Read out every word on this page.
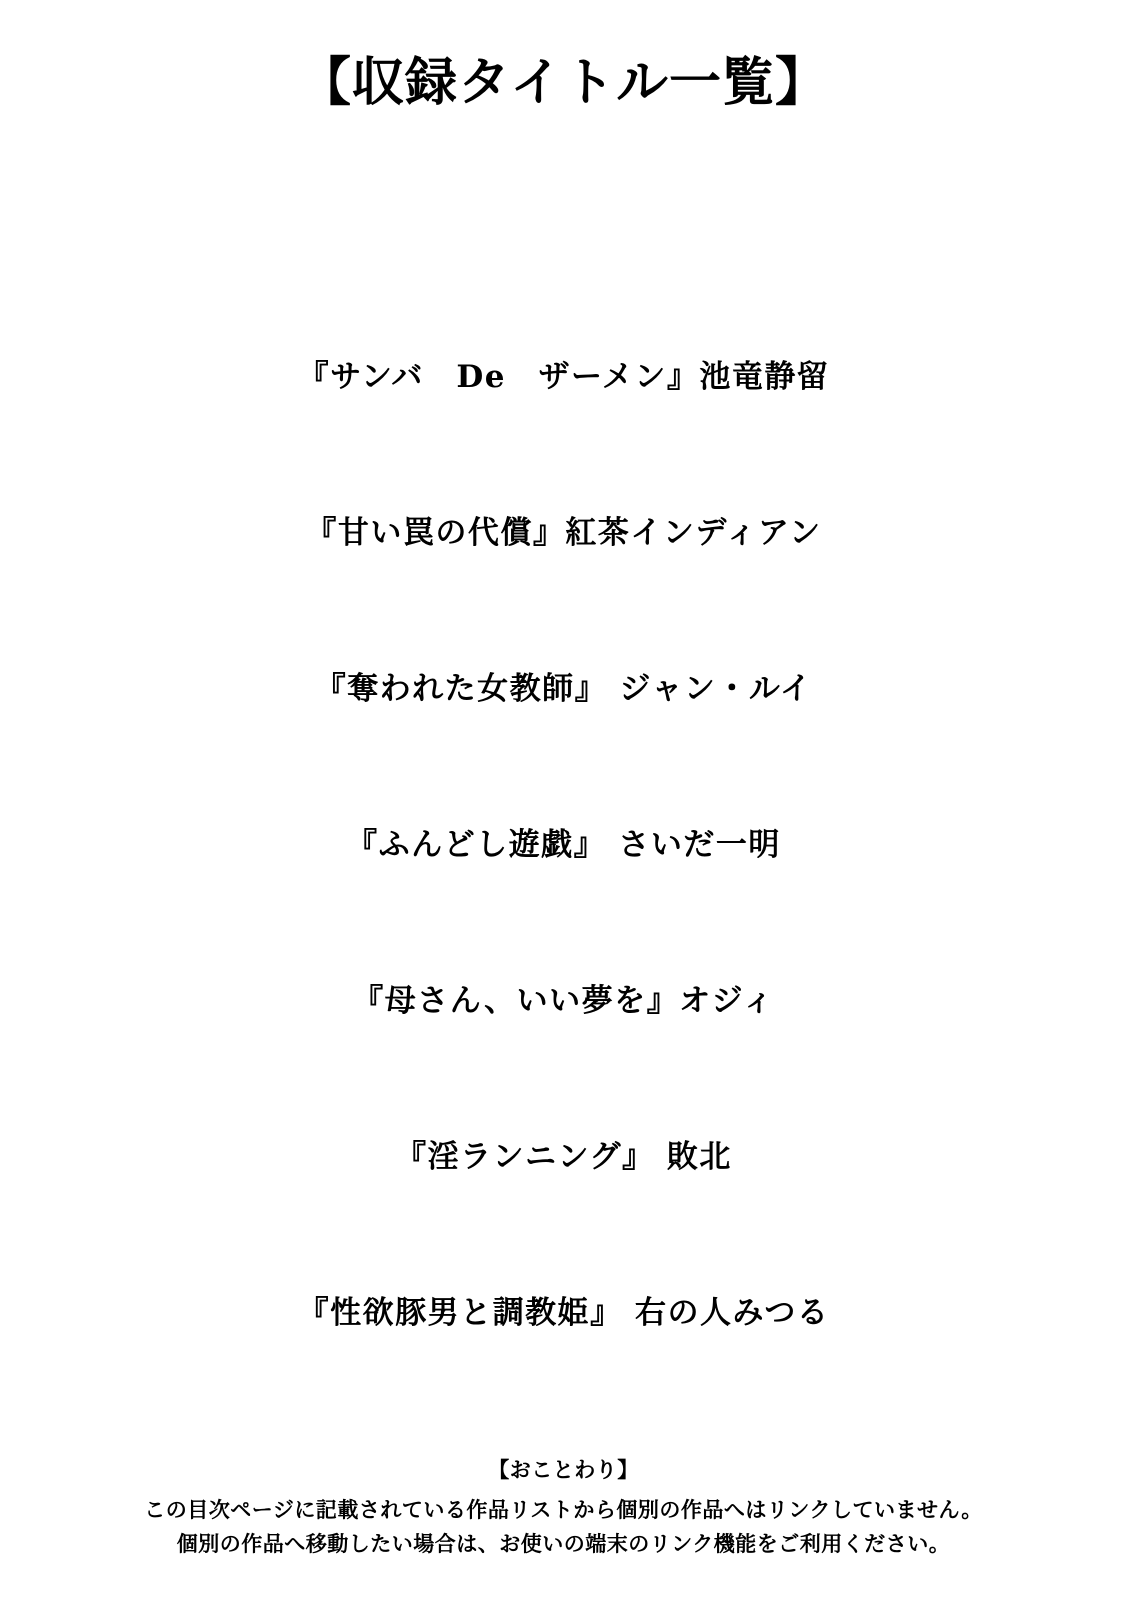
【収録タイトル一覧】
『サンバ　De　ザーメン』池竜静留
『甘い罠の代償』紅茶インディアン
『奪われた女教師』 ジャン・ルイ
『ふんどし遊戯』 さいだ一明
『母さん、いい夢を』オジィ
『淫ランニング』 敗北
『性欲豚男と調教姫』 右の人みつる
【おことわり】
この目次ページに記載されている作品リストから個別の作品へはリンクしていません。
個別の作品へ移動したい場合は、お使いの端末のリンク機能をご利用ください。
